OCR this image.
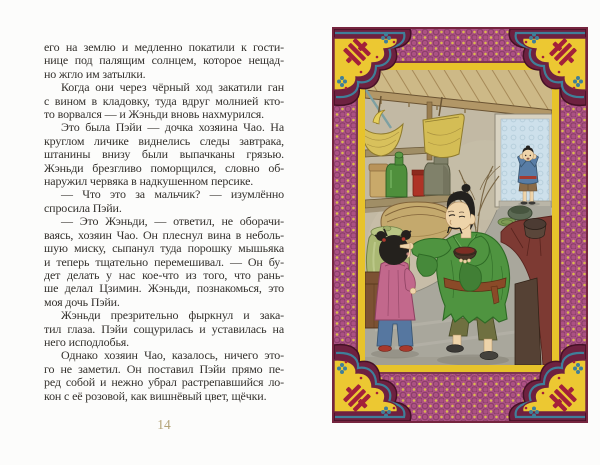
его на землю и медленно покатили к гости-
нице под палящим солнцем, которое нещад-
но жгло им затылки.
Когда они через чёрный ход закатили ган
с вином в кладовку, туда вдруг молнией кто-
то ворвался — и Жэньди вновь нахмурился.
Это была Пэйи — дочка хозяина Чао. На
круглом личике виднелись следы завтрака,
штанины внизу были выпачканы грязью.
Жэньди брезгливо поморщился, словно об-
наружил червяка в надкушенном персике.
— Что это за мальчик? — изумлённо
спросила Пэйи.
— Это Жэньди, — ответил, не оборачи-
ваясь, хозяин Чао. Он плеснул вина в неболь-
шую миску, сыпанул туда порошку мышьяка
и теперь тщательно перемешивал. — Он бу-
дет делать у нас кое-что из того, что рань-
ше делал Цзимин. Жэньди, познакомься, это
моя дочь Пэйи.
Жэньди презрительно фыркнул и зака-
тил глаза. Пэйи сощурилась и уставилась на
него исподлобья.
Однако хозяин Чао, казалось, ничего это-
го не заметил. Он поставил Пэйи прямо пе-
ред собой и нежно убрал растрепавшийся ло-
кон с её розовой, как вишнёвый цвет, щёчки.
14
